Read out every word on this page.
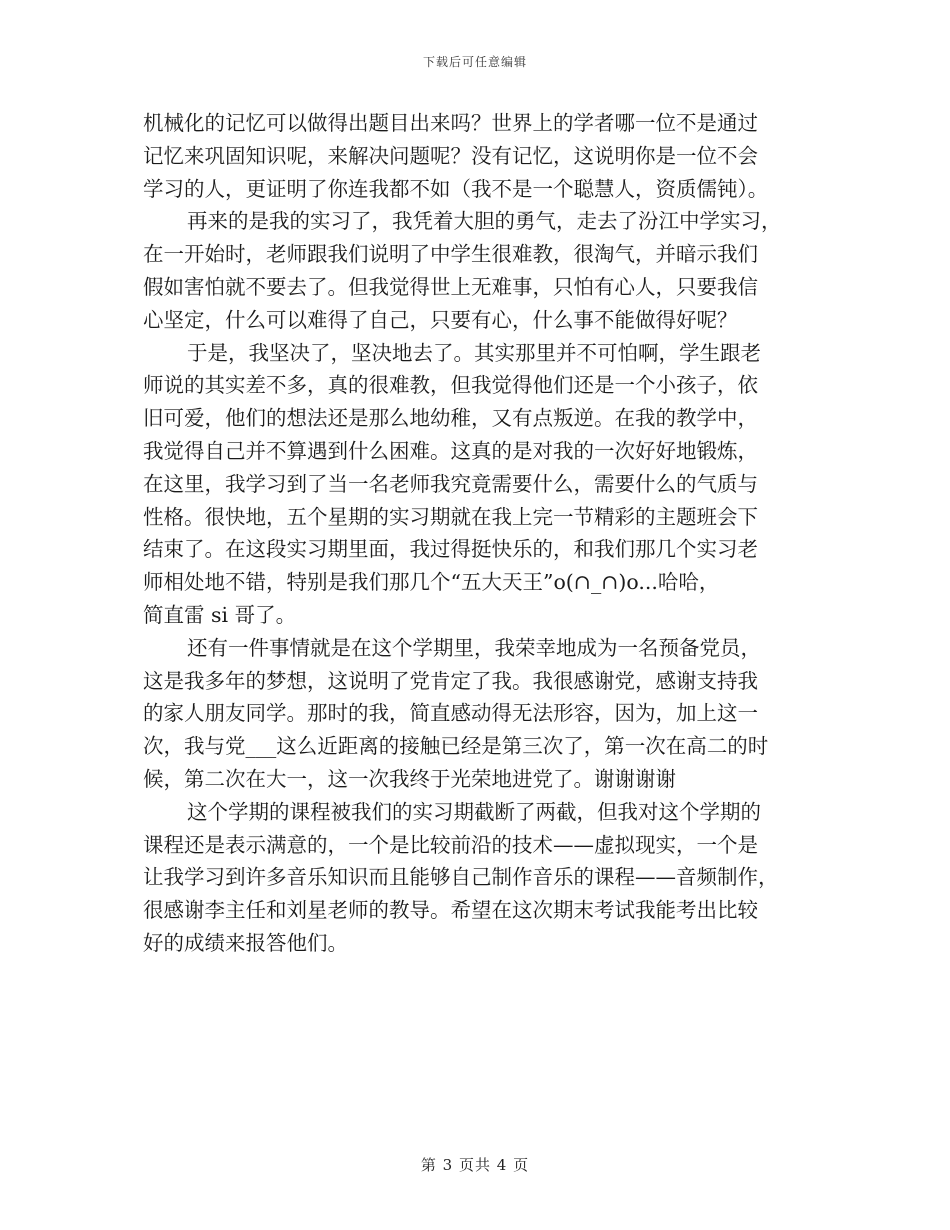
下载后可任意编辑

机械化的记忆可以做得出题目出来吗？世界上的学者哪一位不是通过
记忆来巩固知识呢，来解决问题呢？没有记忆，这说明你是一位不会
学习的人，更证明了你连我都不如（我不是一个聪慧人，资质儒钝）。

再来的是我的实习了，我凭着大胆的勇气，走去了汾江中学实习，
在一开始时，老师跟我们说明了中学生很难教，很淘气，并暗示我们
假如害怕就不要去了。但我觉得世上无难事，只怕有心人，只要我信
心坚定，什么可以难得了自己，只要有心，什么事不能做得好呢？

于是，我坚决了，坚决地去了。其实那里并不可怕啊，学生跟老
师说的其实差不多，真的很难教，但我觉得他们还是一个小孩子，依
旧可爱，他们的想法还是那么地幼稚，又有点叛逆。在我的教学中，
我觉得自己并不算遇到什么困难。这真的是对我的一次好好地锻炼，
在这里，我学习到了当一名老师我究竟需要什么，需要什么的气质与
性格。很快地，五个星期的实习期就在我上完一节精彩的主题班会下
结束了。在这段实习期里面，我过得挺快乐的，和我们那几个实习老
师相处地不错，特别是我们那几个“五大天王”o(∩_∩)o...哈哈，
简直雷 si 哥了。

还有一件事情就是在这个学期里，我荣幸地成为一名预备党员，
这是我多年的梦想，这说明了党肯定了我。我很感谢党，感谢支持我
的家人朋友同学。那时的我，简直感动得无法形容，因为，加上这一
次，我与党___这么近距离的接触已经是第三次了，第一次在高二的时
候，第二次在大一，这一次我终于光荣地进党了。谢谢谢谢

这个学期的课程被我们的实习期截断了两截，但我对这个学期的
课程还是表示满意的，一个是比较前沿的技术——虚拟现实，一个是
让我学习到许多音乐知识而且能够自己制作音乐的课程——音频制作，
很感谢李主任和刘星老师的教导。希望在这次期末考试我能考出比较
好的成绩来报答他们。

第 3 页共 4 页
